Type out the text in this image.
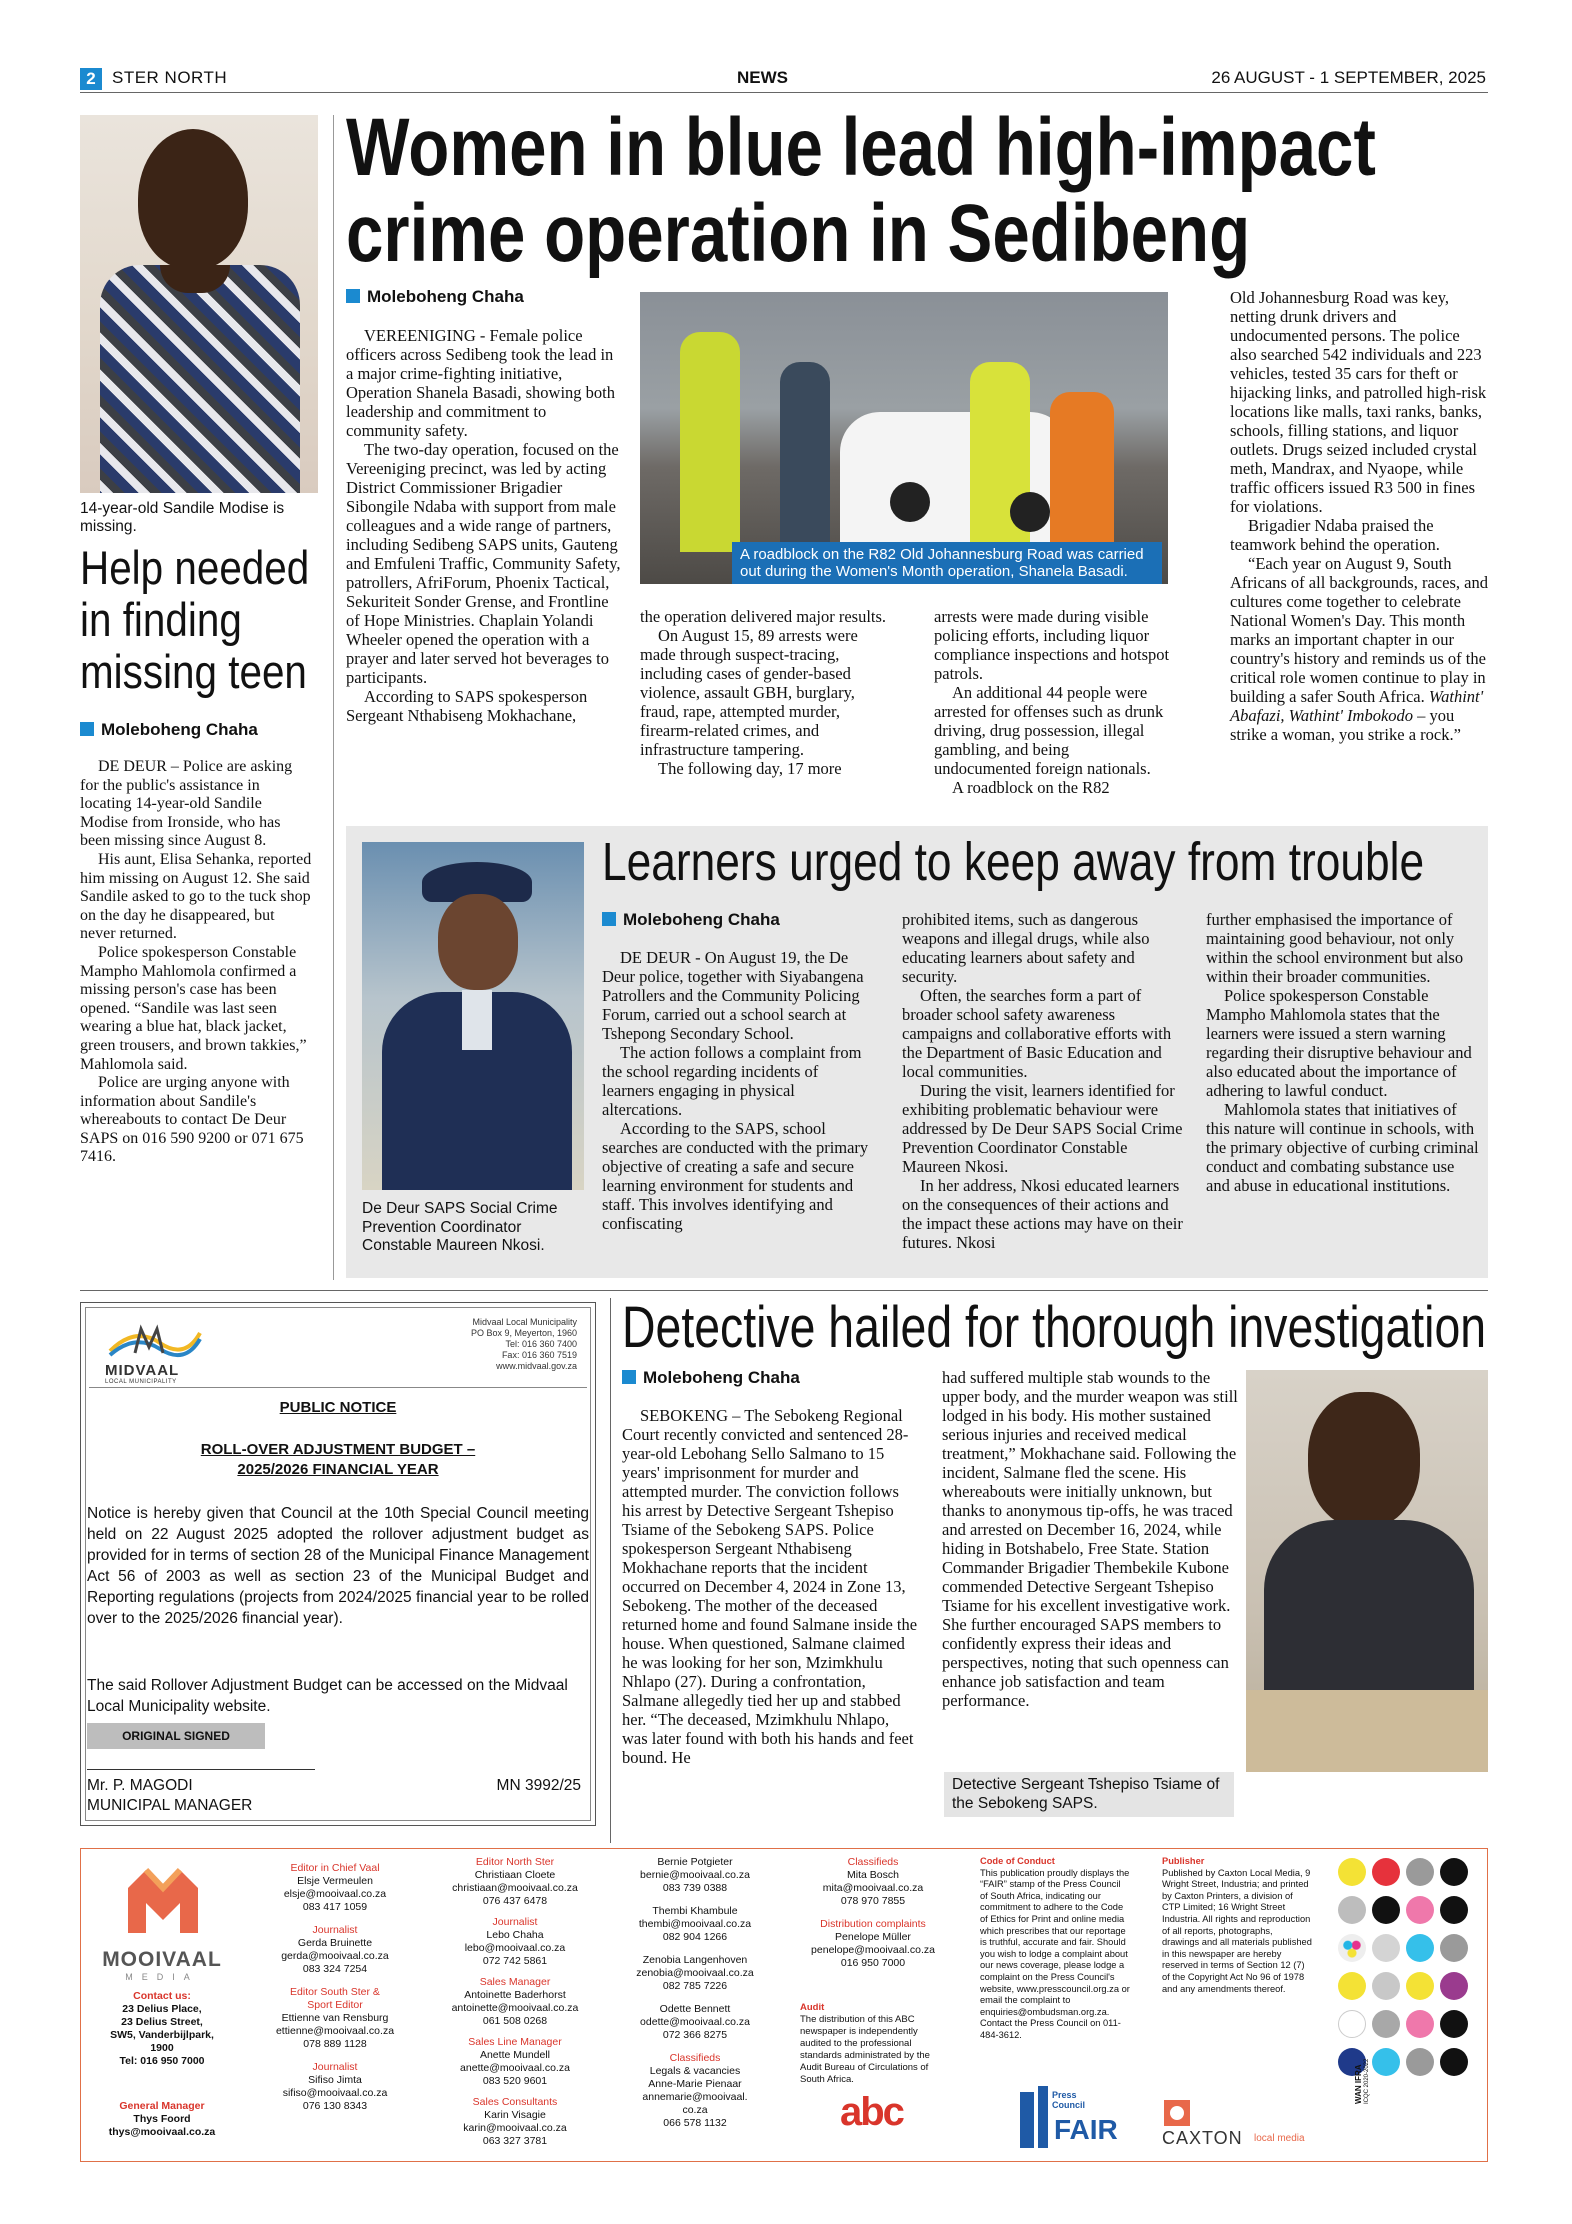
2 STER NORTH	NEWS	26 AUGUST - 1 SEPTEMBER, 2025
14-year-old Sandile Modise is missing.
Help needed in finding missing teen
Moleboheng Chaha

DE DEUR – Police are asking for the public's assistance in locating 14-year-old Sandile Modise from Ironside, who has been missing since August 8.

His aunt, Elisa Sehanka, reported him missing on August 12. She said Sandile asked to go to the tuck shop on the day he disappeared, but never returned.

Police spokesperson Constable Mampho Mahlomola confirmed a missing person's case has been opened. “Sandile was last seen wearing a blue hat, black jacket, green trousers, and brown takkies,” Mahlomola said.

Police are urging anyone with information about Sandile's whereabouts to contact De Deur SAPS on 016 590 9200 or 071 675 7416.

Women in blue lead high-impact
crime operation in Sedibeng
Moleboheng Chaha

VEREENIGING - Female police officers across Sedibeng took the lead in a major crime-fighting initiative, Operation Shanela Basadi, showing both leadership and commitment to community safety.

The two-day operation, focused on the Vereeniging precinct, was led by acting District Commissioner Brigadier Sibongile Ndaba with support from male colleagues and a wide range of partners, including Sedibeng SAPS units, Gauteng and Emfuleni Traffic, Community Safety, patrollers, AfriForum, Phoenix Tactical, Sekuriteit Sonder Grense, and Frontline of Hope Ministries. Chaplain Yolandi Wheeler opened the operation with a prayer and later served hot beverages to participants.

According to SAPS spokesperson Sergeant Nthabiseng Mokhachane,

A roadblock on the R82 Old Johannesburg Road was carried out during the Women's Month operation, Shanela Basadi.

the operation delivered major results.

On August 15, 89 arrests were made through suspect-tracing, including cases of gender-based violence, assault GBH, burglary, fraud, rape, attempted murder, firearm-related crimes, and infrastructure tampering.

The following day, 17 more

arrests were made during visible policing efforts, including liquor compliance inspections and hotspot patrols.

An additional 44 people were arrested for offenses such as drunk driving, drug possession, illegal gambling, and being undocumented foreign nationals.

A roadblock on the R82

Old Johannesburg Road was key, netting drunk drivers and undocumented persons. The police also searched 542 individuals and 223 vehicles, tested 35 cars for theft or hijacking links, and patrolled high-risk locations like malls, taxi ranks, banks, schools, filling stations, and liquor outlets. Drugs seized included crystal meth, Mandrax, and Nyaope, while traffic officers issued R3 500 in fines for violations.

Brigadier Ndaba praised the teamwork behind the operation.

“Each year on August 9, South Africans of all backgrounds, races, and cultures come together to celebrate National Women's Day. This month marks an important chapter in our country's history and reminds us of the critical role women continue to play in building a safer South Africa. Wathint' Abafazi, Wathint' Imbokodo – you strike a woman, you strike a rock.”

De Deur SAPS Social Crime Prevention Coordinator Constable Maureen Nkosi.
Learners urged to keep away from trouble
Moleboheng Chaha

DE DEUR - On August 19, the De Deur police, together with Siyabangena Patrollers and the Community Policing Forum, carried out a school search at Tshepong Secondary School.

The action follows a complaint from the school regarding incidents of learners engaging in physical altercations.

According to the SAPS, school searches are conducted with the primary objective of creating a safe and secure learning environment for students and staff. This involves identifying and confiscating

prohibited items, such as dangerous weapons and illegal drugs, while also educating learners about safety and security.

Often, the searches form a part of broader school safety awareness campaigns and collaborative efforts with the Department of Basic Education and local communities.

During the visit, learners identified for exhibiting problematic behaviour were addressed by De Deur SAPS Social Crime Prevention Coordinator Constable Maureen Nkosi.

In her address, Nkosi educated learners on the consequences of their actions and the impact these actions may have on their futures. Nkosi

further emphasised the importance of maintaining good behaviour, not only within the school environment but also within their broader communities.

Police spokesperson Constable Mampho Mahlomola states that the learners were issued a stern warning regarding their disruptive behaviour and also educated about the importance of adhering to lawful conduct.

Mahlomola states that initiatives of this nature will continue in schools, with the primary objective of curbing criminal conduct and combating substance use and abuse in educational institutions.

MIDVAAL
LOCAL MUNICIPALITY
Midvaal Local Municipality
PO Box 9, Meyerton, 1960
Tel: 016 360 7400
Fax: 016 360 7519
www.midvaal.gov.za
PUBLIC NOTICE
ROLL-OVER ADJUSTMENT BUDGET –
2025/2026 FINANCIAL YEAR
Notice is hereby given that Council at the 10th Special Council meeting held on 22 August 2025 adopted the rollover adjustment budget as provided for in terms of section 28 of the Municipal Finance Management Act 56 of 2003 as well as section 23 of the Municipal Budget and Reporting regulations (projects from 2024/2025 financial year to be rolled over to the 2025/2026 financial year).
The said Rollover Adjustment Budget can be accessed on the Midvaal Local Municipality website.
ORIGINAL SIGNED
Mr. P. MAGODI	MN 3992/25
MUNICIPAL MANAGER
Detective hailed for thorough investigation
Moleboheng Chaha

SEBOKENG – The Sebokeng Regional Court recently convicted and sentenced 28-year-old Lebohang Sello Salmano to 15 years' imprisonment for murder and attempted murder. The conviction follows his arrest by Detective Sergeant Tshepiso Tsiame of the Sebokeng SAPS. Police spokesperson Sergeant Nthabiseng Mokhachane reports that the incident occurred on December 4, 2024 in Zone 13, Sebokeng. The mother of the deceased returned home and found Salmane inside the house. When questioned, Salmane claimed he was looking for her son, Mzimkhulu Nhlapo (27). During a confrontation, Salmane allegedly tied her up and stabbed her. “The deceased, Mzimkhulu Nhlapo, was later found with both his hands and feet bound. He

had suffered multiple stab wounds to the upper body, and the murder weapon was still lodged in his body. His mother sustained serious injuries and received medical treatment,” Mokhachane said. Following the incident, Salmane fled the scene. His whereabouts were initially unknown, but thanks to anonymous tip-offs, he was traced and arrested on December 16, 2024, while hiding in Botshabelo, Free State. Station Commander Brigadier Thembekile Kubone commended Detective Sergeant Tshepiso Tsiame for his excellent investigative work. She further encouraged SAPS members to confidently express their ideas and perspectives, noting that such openness can enhance job satisfaction and team performance.

Detective Sergeant Tshepiso Tsiame of the Sebokeng SAPS.
MOOIVAAL
MEDIA
Contact us:
23 Delius Place,
23 Delius Street,
SW5, Vanderbijlpark,
1900
Tel: 016 950 7000
General Manager
Thys Foord
thys@mooivaal.co.za
Editor in Chief Vaal
Elsje Vermeulen
elsje@mooivaal.co.za
083 417 1059
Journalist
Gerda Bruinette
gerda@mooivaal.co.za
083 324 7254
Editor South Ster & Sport Editor
Ettienne van Rensburg
ettienne@mooivaal.co.za
078 889 1128
Journalist
Sifiso Jimta
sifiso@mooivaal.co.za
076 130 8343
Editor North Ster
Christiaan Cloete
christiaan@mooivaal.co.za
076 437 6478
Journalist
Lebo Chaha
lebo@mooivaal.co.za
072 742 5861
Sales Manager
Antoinette Baderhorst
antoinette@mooivaal.co.za
061 508 0268
Sales Line Manager
Anette Mundell
anette@mooivaal.co.za
083 520 9601
Sales Consultants
Karin Visagie
karin@mooivaal.co.za
063 327 3781
Bernie Potgieter
bernie@mooivaal.co.za
083 739 0388
Thembi Khambule
thembi@mooivaal.co.za
082 904 1266
Zenobia Langenhoven
zenobia@mooivaal.co.za
082 785 7226
Odette Bennett
odette@mooivaal.co.za
072 366 8275
Classifieds
Legals & vacancies
Anne-Marie Pienaar
annemarie@mooivaal.
co.za
066 578 1132
Classifieds
Mita Bosch
mita@mooivaal.co.za
078 970 7855
Distribution complaints
Penelope Müller
penelope@mooivaal.co.za
016 950 7000
Audit
The distribution of this ABC newspaper is independently audited to the professional standards administrated by the Audit Bureau of Circulations of South Africa.
abc
Code of Conduct
This publication proudly displays the “FAIR” stamp of the Press Council of South Africa, indicating our commitment to adhere to the Code of Ethics for Print and online media which prescribes that our reportage is truthful, accurate and fair. Should you wish to lodge a complaint about our news coverage, please lodge a complaint on the Press Council's website, www.presscouncil.org.za or email the complaint to enquiries@ombudsman.org.za. Contact the Press Council on 011-484-3612.
Press Council
FAIR
Publisher
Published by Caxton Local Media, 9 Wright Street, Industria; and printed by Caxton Printers, a division of CTP Limited; 16 Wright Street Industria. All rights and reproduction of all reports, photographs, drawings and all materials published in this newspaper are hereby reserved in terms of Section 12 (7) of the Copyright Act No 96 of 1978 and any amendments thereof.
CAXTON local media
WAN IFRA ICQC 2020-2022
